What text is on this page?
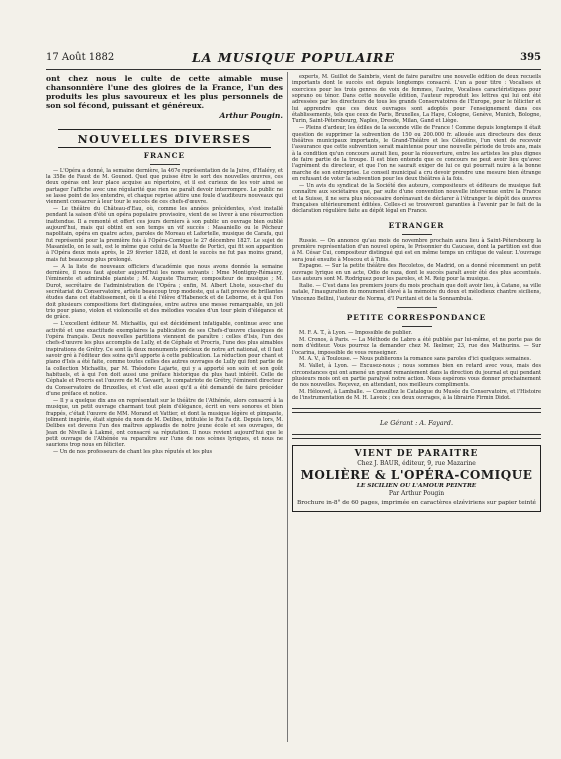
17 Août 1882	LA MUSIQUE POPULAIRE	395

ont chez nous le culte de cette aimable muse chansonnière l'une des gloires de la France, l'un des produits les plus savoureux et les plus personnels de son sol fécond, puissant et généreux.

Arthur Pougin.
NOUVELLES DIVERSES
FRANCE

— L'Opéra a donné, la semaine dernière, la 467e représentation de la Juive, d'Halévy, et la 358e de Faust de M. Gounod. Quel que puisse être le sort des nouvelles œuvres, ces deux opéras ont leur place acquise au répertoire, et il est curieux de les voir ainsi se partager l'affiche avec une régularité que rien ne paraît devoir interrompre. Le public ne se lasse point de les entendre, et chaque reprise attire une foule d'auditeurs nouveaux qui viennent consacrer à leur tour le succès de ces chefs-d'œuvre.

— Le théâtre du Château-d'Eau, où, comme les années précédentes, s'est installé pendant la saison d'été un opéra populaire provisoire, vient de se livrer à une résurrection inattendue. Il a remonté et offert ces jours derniers à son public un ouvrage bien oublié aujourd'hui, mais qui obtint en son temps un vif succès : Masaniello ou le Pêcheur napolitain, opéra en quatre actes, paroles de Moreau et Lafortelle, musique de Carafa, qui fut représenté pour la première fois à l'Opéra-Comique le 27 décembre 1827. Le sujet de Masaniello, on le sait, est le même que celui de la Muette de Portici, qui fit son apparition à l'Opéra deux mois après, le 29 février 1828, et dont le succès ne fut pas moins grand, mais fut beaucoup plus prolongé.

— A la liste de nouveaux officiers d'académie que nous avons donnée la semaine dernière, il nous faut ajouter aujourd'hui les noms suivants : Mme Montigny-Rémaury, l'éminente et admirable pianiste ; M. Auguste Thurner, compositeur de musique ; M. Durot, secrétaire de l'administration de l'Opéra ; enfin, M. Albert Lhote, sous-chef du secrétariat du Conservatoire, artiste beaucoup trop modeste, qui a fait preuve de brillantes études dans cet établissement, où il a été l'élève d'Habeneck et de Leborne, et à qui l'on doit plusieurs compositions fort distinguées, entre autres une messe remarquable, un joli trio pour piano, violon et violoncelle et des mélodies vocales d'un tour plein d'élégance et de grâce.

— L'excellent éditeur M. Michaëlis, qui est décidément infatigable, continue avec une activité et une exactitude exemplaires la publication de ses Chefs-d'œuvre classiques de l'opéra français. Deux nouvelles partitions viennent de paraître : celles d'Isis, l'un des chefs-d'œuvre les plus accomplis de Lully, et de Céphale et Procris, l'une des plus aimables inspirations de Grétry. Ce sont là deux monuments précieux de notre art national, et il faut savoir gré à l'éditeur des soins qu'il apporte à cette publication. La réduction pour chant et piano d'Isis a été faite, comme toutes celles des autres ouvrages de Lully qui font partie de la collection Michaëlis, par M. Théodore Lajarte, qui y a apporté son soin et son goût habituels, et à qui l'on doit aussi une préface historique du plus haut intérêt. Celle de Céphale et Procris est l'œuvre de M. Gevaert, le compatriote de Grétry, l'éminent directeur du Conservatoire de Bruxelles, et c'est elle aussi qu'il a été demandé de faire précéder d'une préface et notice.

— Il y a quelque dix ans on représentait sur le théâtre de l'Athénée, alors consacré à la musique, un petit ouvrage charmant tout plein d'élégance, écrit en vers sonores et bien frappés, c'était l'œuvre de MM. Morand et Vattier, et dont la musique légère et pimpante, joliment inspirée, était signée du nom de M. Delibes, intitulée le Roi l'a dit. Depuis lors, M. Delibes est devenu l'un des maîtres applaudis de notre jeune école et ses ouvrages, de Jean de Nivelle à Lakmé, ont consacré sa réputation. Il nous revient aujourd'hui que le petit ouvrage de l'Athénée va reparaître sur l'une de nos scènes lyriques, et nous ne saurions trop nous en féliciter.

— Un de nos professeurs de chant les plus réputés et les plus

experts, M. Guillot de Sainbris, vient de faire paraître une nouvelle édition de deux recueils importants dont le succès est depuis longtemps consacré. L'un a pour titre : Vocalises et exercices pour les trois genres de voix de femmes, l'autre, Vocalises caractéristiques pour soprano ou ténor. Dans cette nouvelle édition, l'auteur reproduit les lettres qui lui ont été adressées par les directeurs de tous les grands Conservatoires de l'Europe, pour le féliciter et lui apprendre que ces deux ouvrages sont adoptés pour l'enseignement dans ces établissements, tels que ceux de Paris, Bruxelles, La Haye, Cologne, Genève, Munich, Bologne, Turin, Saint-Pétersbourg, Naples, Dresde, Milan, Gand et Liège.

— Pleins d'ardeur, les édiles de la seconde ville de France ! Comme depuis longtemps il était question de supprimer la subvention de 150 ou 200.000 fr. allouée aux directeurs des deux théâtres municipaux importants, le Grand-Théâtre et les Célestins, l'un vient de recevoir l'assurance que cette subvention serait maintenue pour une nouvelle période de trois ans, mais à la condition qu'un concours aurait lieu, pour la réouverture, entre les artistes les plus dignes de faire partie de la troupe. Il est bien entendu que ce concours ne peut avoir lieu qu'avec l'agrément du directeur, et que l'on ne saurait exiger de lui ce qui pourrait nuire à la bonne marche de son entreprise. Le conseil municipal a cru devoir prendre une mesure bien étrange en refusant de voter la subvention pour les deux théâtres à la fois.

— Un avis du syndicat de la Société des auteurs, compositeurs et éditeurs de musique fait connaître aux sociétaires que, par suite d'une convention nouvelle intervenue entre la France et la Suisse, il ne sera plus nécessaire dorénavant de déclarer à l'étranger le dépôt des œuvres françaises ultérieurement éditées. Celles-ci se trouveront garanties à l'avenir par le fait de la déclaration régulière faite au dépôt légal en France.

ETRANGER

Russie. — On annonce qu'au mois de novembre prochain aura lieu à Saint-Pétersbourg la première représentation d'un nouvel opéra, le Prisonnier du Caucase, dont la partition est due à M. César Cui, compositeur distingué qui est en même temps un critique de valeur. L'ouvrage sera joué ensuite à Moscou et à Tiflis.

Espagne. — Sur la petite théâtre des Recoletos, de Madrid, on a donné récemment un petit ouvrage lyrique en un acte, Odio de raza, dont le succès paraît avoir été des plus accentués. Les auteurs sont M. Rodriguez pour les paroles, et M. Reig pour la musique.

Italie. — C'est dans les premiers jours du mois prochain que doit avoir lieu, à Catane, sa ville natale, l'inauguration du monument élevé à la mémoire du doux et mélodieux chantre siciliens, Vincenzo Bellini, l'auteur de Norma, d'I Puritani et de la Sonnambula.

PETITE CORRESPONDANCE

M. F. A. T., à Lyon. — Impossible de publier.

M. Cronos, à Paris. — La Méthode de Labro a été publiée par lui-même, et ne porte pas de nom d'éditeur. Vous pourrez la demander chez M. Ikelmer, 23, rue des Mathurins. — Sur l'ocarina, impossible de vous renseigner.

M. A. V., à Toulouse. — Nous publierons la romance sans paroles d'ici quelques semaines.

M. Vallet, à Lyon. — Excusez-nous ; nous sommes bien en retard avec vous, mais des circonstances qui ont amené un grand remaniement dans la direction du journal et qui pendant plusieurs mois ont en partie paralysé notre action. Nous espérons vous donner prochainement de nos nouvelles. Reçevez, en attendant, nos meilleurs compliments.

M. Hélouvel, à Lamballe. — Consultez le Catalogue du Musée du Conservatoire, et l'Histoire de l'instrumentation de M. H. Lavoix ; ces deux ouvrages, à la librairie Firmin Didot.

Le Gérant : A. Fayard.
VIENT DE PARAITRE
Chez J. BAUR, éditeur, 9, rue Mazarine
MOLIÈRE & L'OPÉRA-COMIQUE
LE SICILIEN OU L'AMOUR PEINTRE
Par Arthur Pougin
Brochure in-8° de 60 pages, imprimée en caractères elzéviriens sur papier teinté
